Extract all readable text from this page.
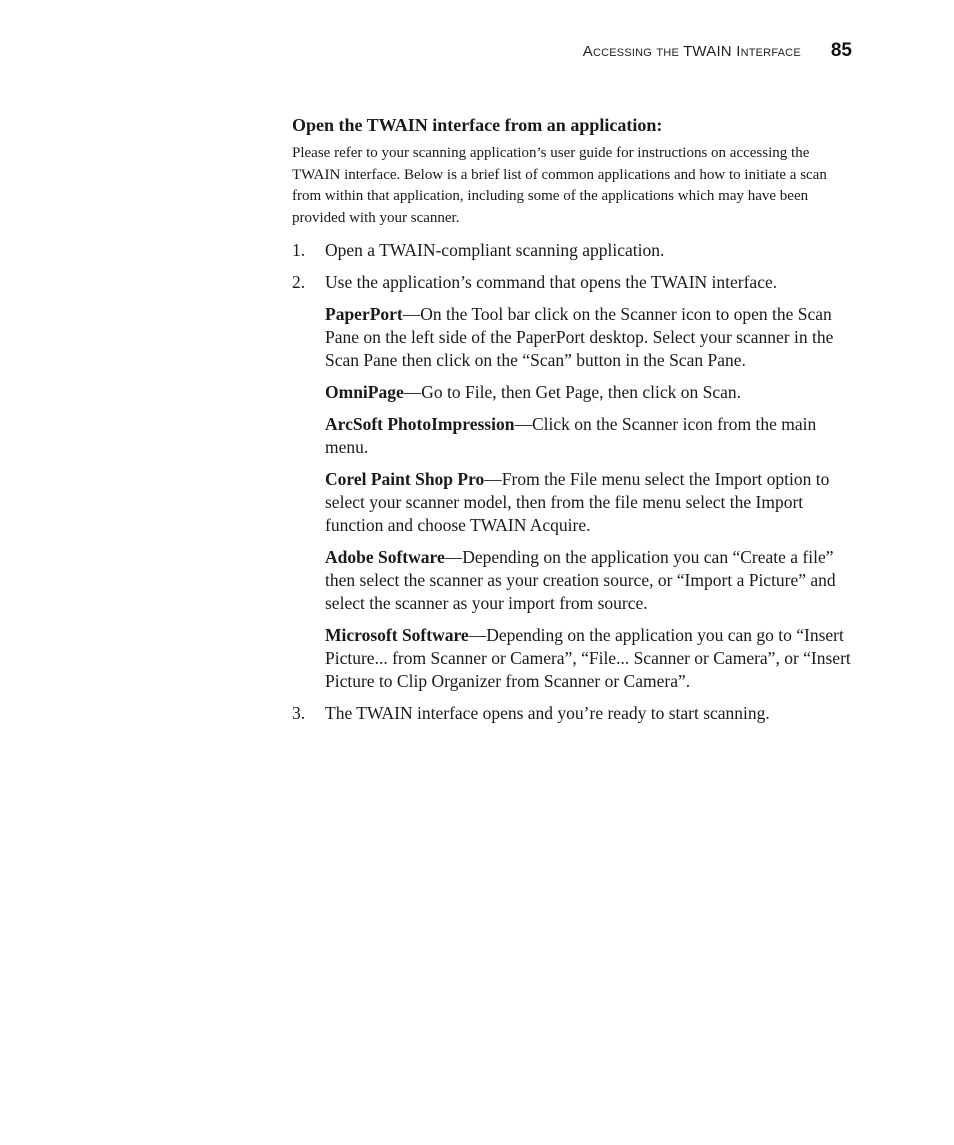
Accessing the TWAIN Interface 85
Open the TWAIN interface from an application:

Please refer to your scanning application’s user guide for instructions on accessing the TWAIN interface. Below is a brief list of common applications and how to initiate a scan from within that application, including some of the applications which may have been provided with your scanner.

1. Open a TWAIN-compliant scanning application.
2. Use the application’s command that opens the TWAIN interface.

PaperPort—On the Tool bar click on the Scanner icon to open the Scan Pane on the left side of the PaperPort desktop. Select your scanner in the Scan Pane then click on the “Scan” button in the Scan Pane.

OmniPage—Go to File, then Get Page, then click on Scan.

ArcSoft PhotoImpression—Click on the Scanner icon from the main menu.

Corel Paint Shop Pro—From the File menu select the Import option to select your scanner model, then from the file menu select the Import function and choose TWAIN Acquire.

Adobe Software—Depending on the application you can “Create a file” then select the scanner as your creation source, or “Import a Picture” and select the scanner as your import from source.

Microsoft Software—Depending on the application you can go to “Insert Picture... from Scanner or Camera”, “File... Scanner or Camera”, or “Insert Picture to Clip Organizer from Scanner or Camera”.

3. The TWAIN interface opens and you’re ready to start scanning.
